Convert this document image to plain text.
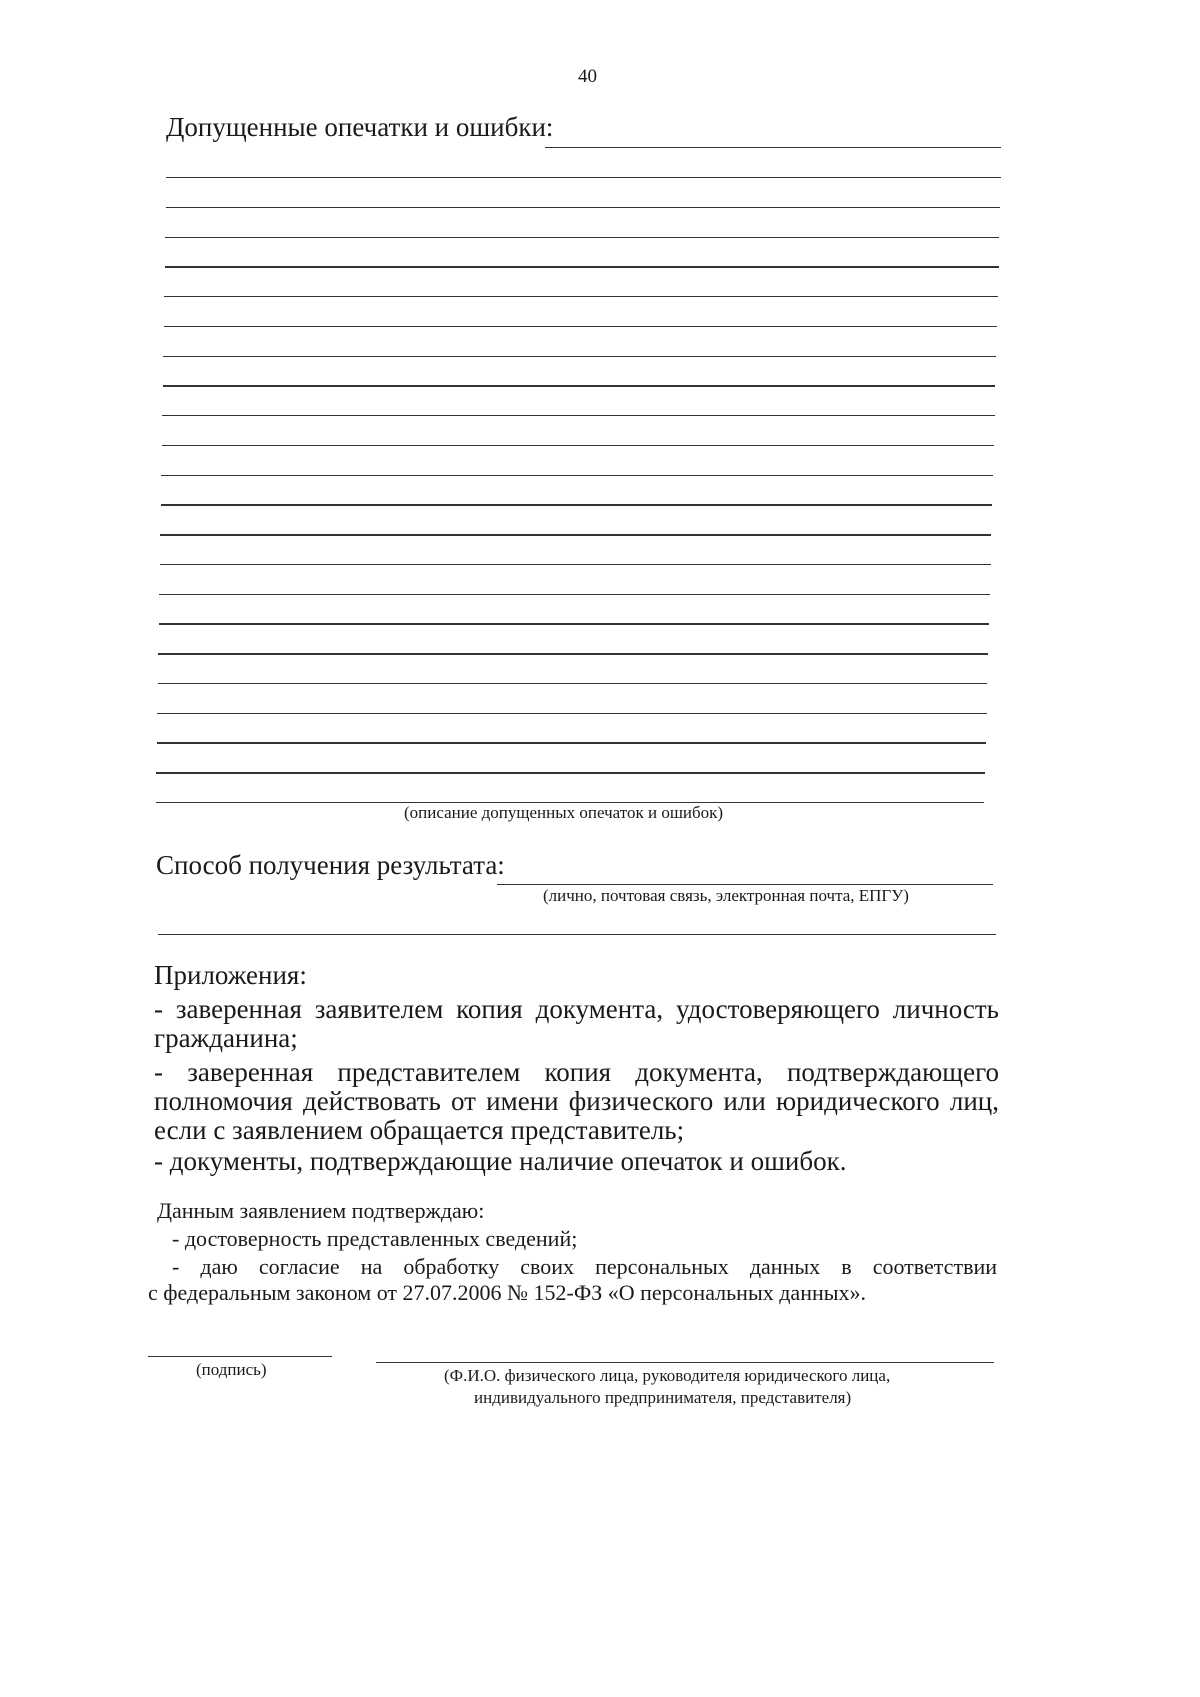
40
Допущенные опечатки и ошибки:
(описание допущенных опечаток и ошибок)
Способ получения результата:
(лично, почтовая связь, электронная почта, ЕПГУ)
Приложения:
- заверенная заявителем копия документа, удостоверяющего личность
гражданина;
- заверенная представителем копия документа, подтверждающего
полномочия действовать от имени физического или юридического лиц,
если с заявлением обращается представитель;
- документы, подтверждающие наличие опечаток и ошибок.
Данным заявлением подтверждаю:
- достоверность представленных сведений;
- даю согласие на обработку своих персональных данных в соответствии
с федеральным законом от 27.07.2006 № 152-ФЗ «О персональных данных».
(подпись)	(Ф.И.О. физического лица, руководителя юридического лица,
индивидуального предпринимателя, представителя)
